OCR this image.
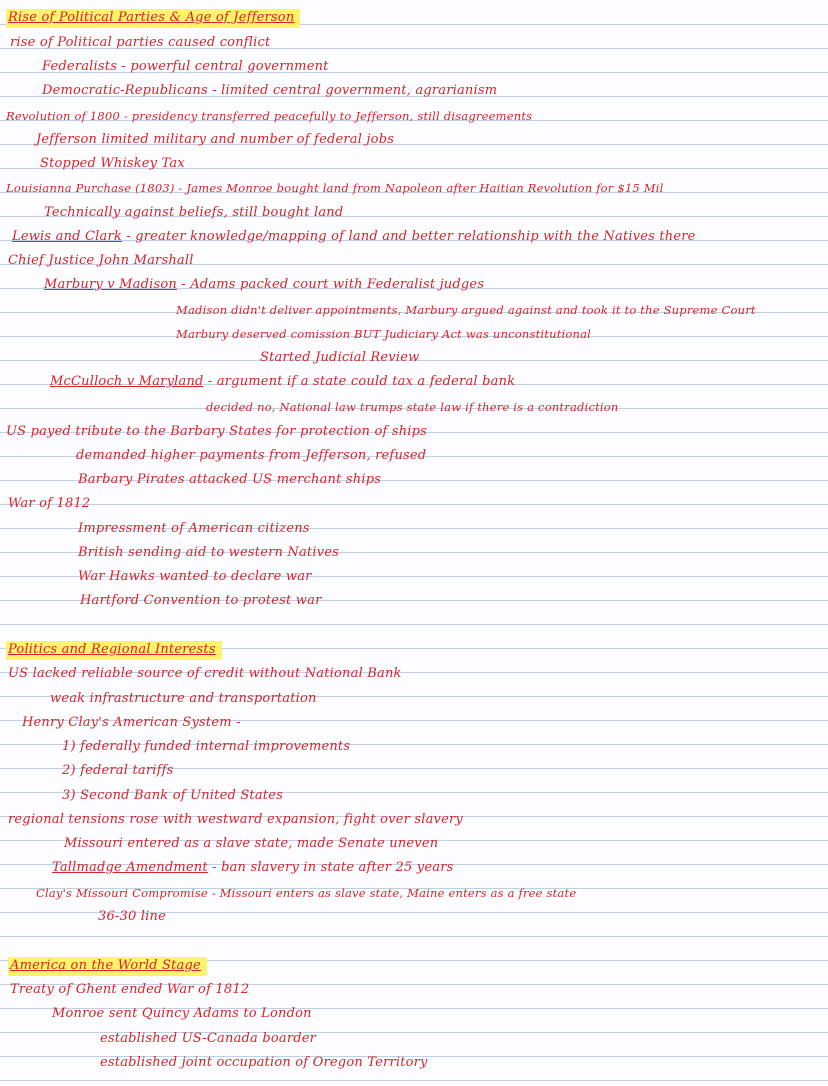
Rise of Political Parties & Age of Jefferson
rise of Political parties caused conflict
Federalists - powerful central government
Democratic-Republicans - limited central government, agrarianism
Revolution of 1800 - presidency transferred peacefully to Jefferson, still disagreements
Jefferson limited military and number of federal jobs
Stopped Whiskey Tax
Louisianna Purchase (1803) - James Monroe bought land from Napoleon after Haitian Revolution for $15 Mil
Technically against beliefs, still bought land
Lewis and Clark - greater knowledge/mapping of land and better relationship with the Natives there
Chief Justice John Marshall
Marbury v Madison - Adams packed court with Federalist judges
Madison didn't deliver appointments, Marbury argued against and took it to the Supreme Court
Marbury deserved comission BUT Judiciary Act was unconstitutional
Started Judicial Review
McCulloch v Maryland - argument if a state could tax a federal bank
decided no, National law trumps state law if there is a contradiction
US payed tribute to the Barbary States for protection of ships
demanded higher payments from Jefferson, refused
Barbary Pirates attacked US merchant ships
War of 1812
Impressment of American citizens
British sending aid to western Natives
War Hawks wanted to declare war
Hartford Convention to protest war
Politics and Regional Interests
US lacked reliable source of credit without National Bank
weak infrastructure and transportation
Henry Clay's American System -
1) federally funded internal improvements
2) federal tariffs
3) Second Bank of United States
regional tensions rose with westward expansion, fight over slavery
Missouri entered as a slave state, made Senate uneven
Tallmadge Amendment - ban slavery in state after 25 years
Clay's Missouri Compromise - Missouri enters as slave state, Maine enters as a free state
36-30 line
America on the World Stage
Treaty of Ghent ended War of 1812
Monroe sent Quincy Adams to London
established US-Canada boarder
established joint occupation of Oregon Territory
